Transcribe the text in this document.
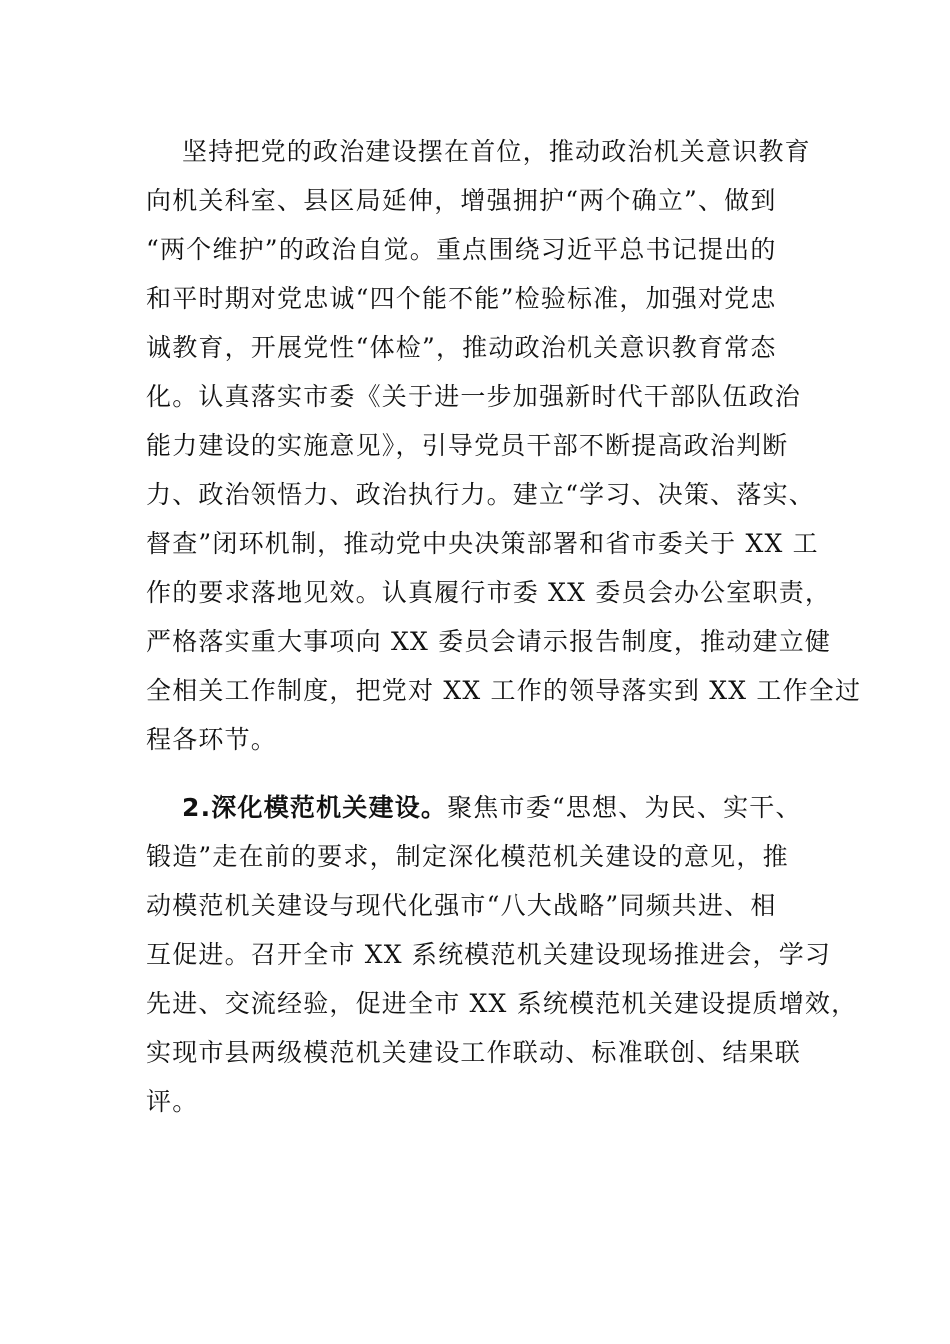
坚持把党的政治建设摆在首位，推动政治机关意识教育
向机关科室、县区局延伸，增强拥护“两个确立”、做到
“两个维护”的政治自觉。重点围绕习近平总书记提出的
和平时期对党忠诚“四个能不能”检验标准，加强对党忠
诚教育，开展党性“体检”，推动政治机关意识教育常态
化。认真落实市委《关于进一步加强新时代干部队伍政治
能力建设的实施意见》，引导党员干部不断提高政治判断
力、政治领悟力、政治执行力。建立“学习、决策、落实、
督查”闭环机制，推动党中央决策部署和省市委关于 XX 工
作的要求落地见效。认真履行市委 XX 委员会办公室职责，
严格落实重大事项向 XX 委员会请示报告制度，推动建立健
全相关工作制度，把党对 XX 工作的领导落实到 XX 工作全过
程各环节。
2.深化模范机关建设。聚焦市委“思想、为民、实干、
锻造”走在前的要求，制定深化模范机关建设的意见，推
动模范机关建设与现代化强市“八大战略”同频共进、相
互促进。召开全市 XX 系统模范机关建设现场推进会，学习
先进、交流经验，促进全市 XX 系统模范机关建设提质增效，
实现市县两级模范机关建设工作联动、标准联创、结果联
评。
